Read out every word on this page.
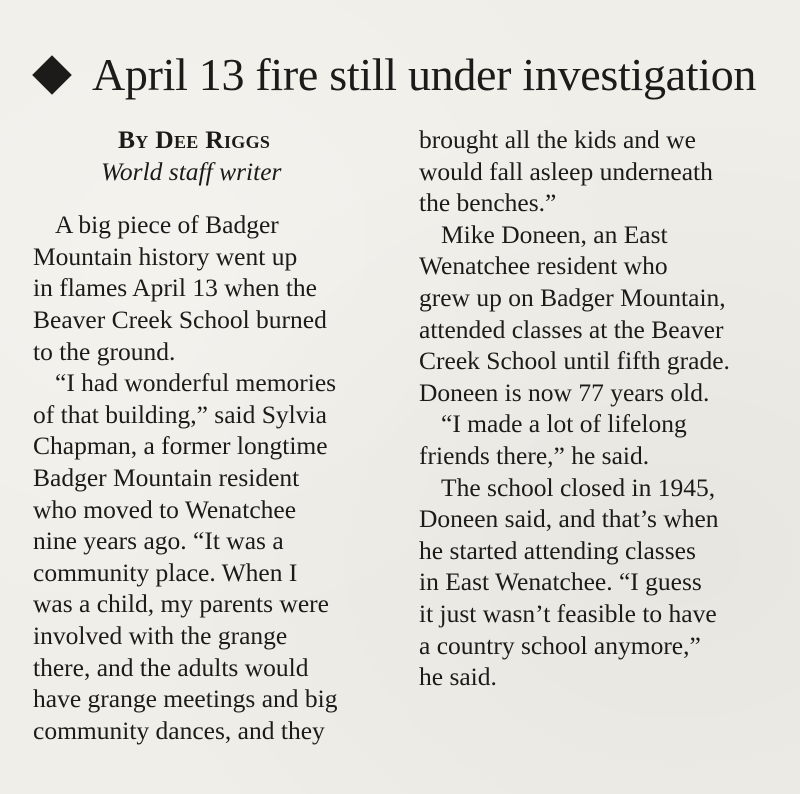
April 13 fire still under investigation
By Dee Riggs
World staff writer
A big piece of Badger
Mountain history went up
in flames April 13 when the
Beaver Creek School burned
to the ground.
“I had wonderful memories
of that building,” said Sylvia
Chapman, a former longtime
Badger Mountain resident
who moved to Wenatchee
nine years ago. “It was a
community place. When I
was a child, my parents were
involved with the grange
there, and the adults would
have grange meetings and big
community dances, and they
brought all the kids and we
would fall asleep underneath
the benches.”
Mike Doneen, an East
Wenatchee resident who
grew up on Badger Mountain,
attended classes at the Beaver
Creek School until fifth grade.
Doneen is now 77 years old.
“I made a lot of lifelong
friends there,” he said.
The school closed in 1945,
Doneen said, and that’s when
he started attending classes
in East Wenatchee. “I guess
it just wasn’t feasible to have
a country school anymore,”
he said.
